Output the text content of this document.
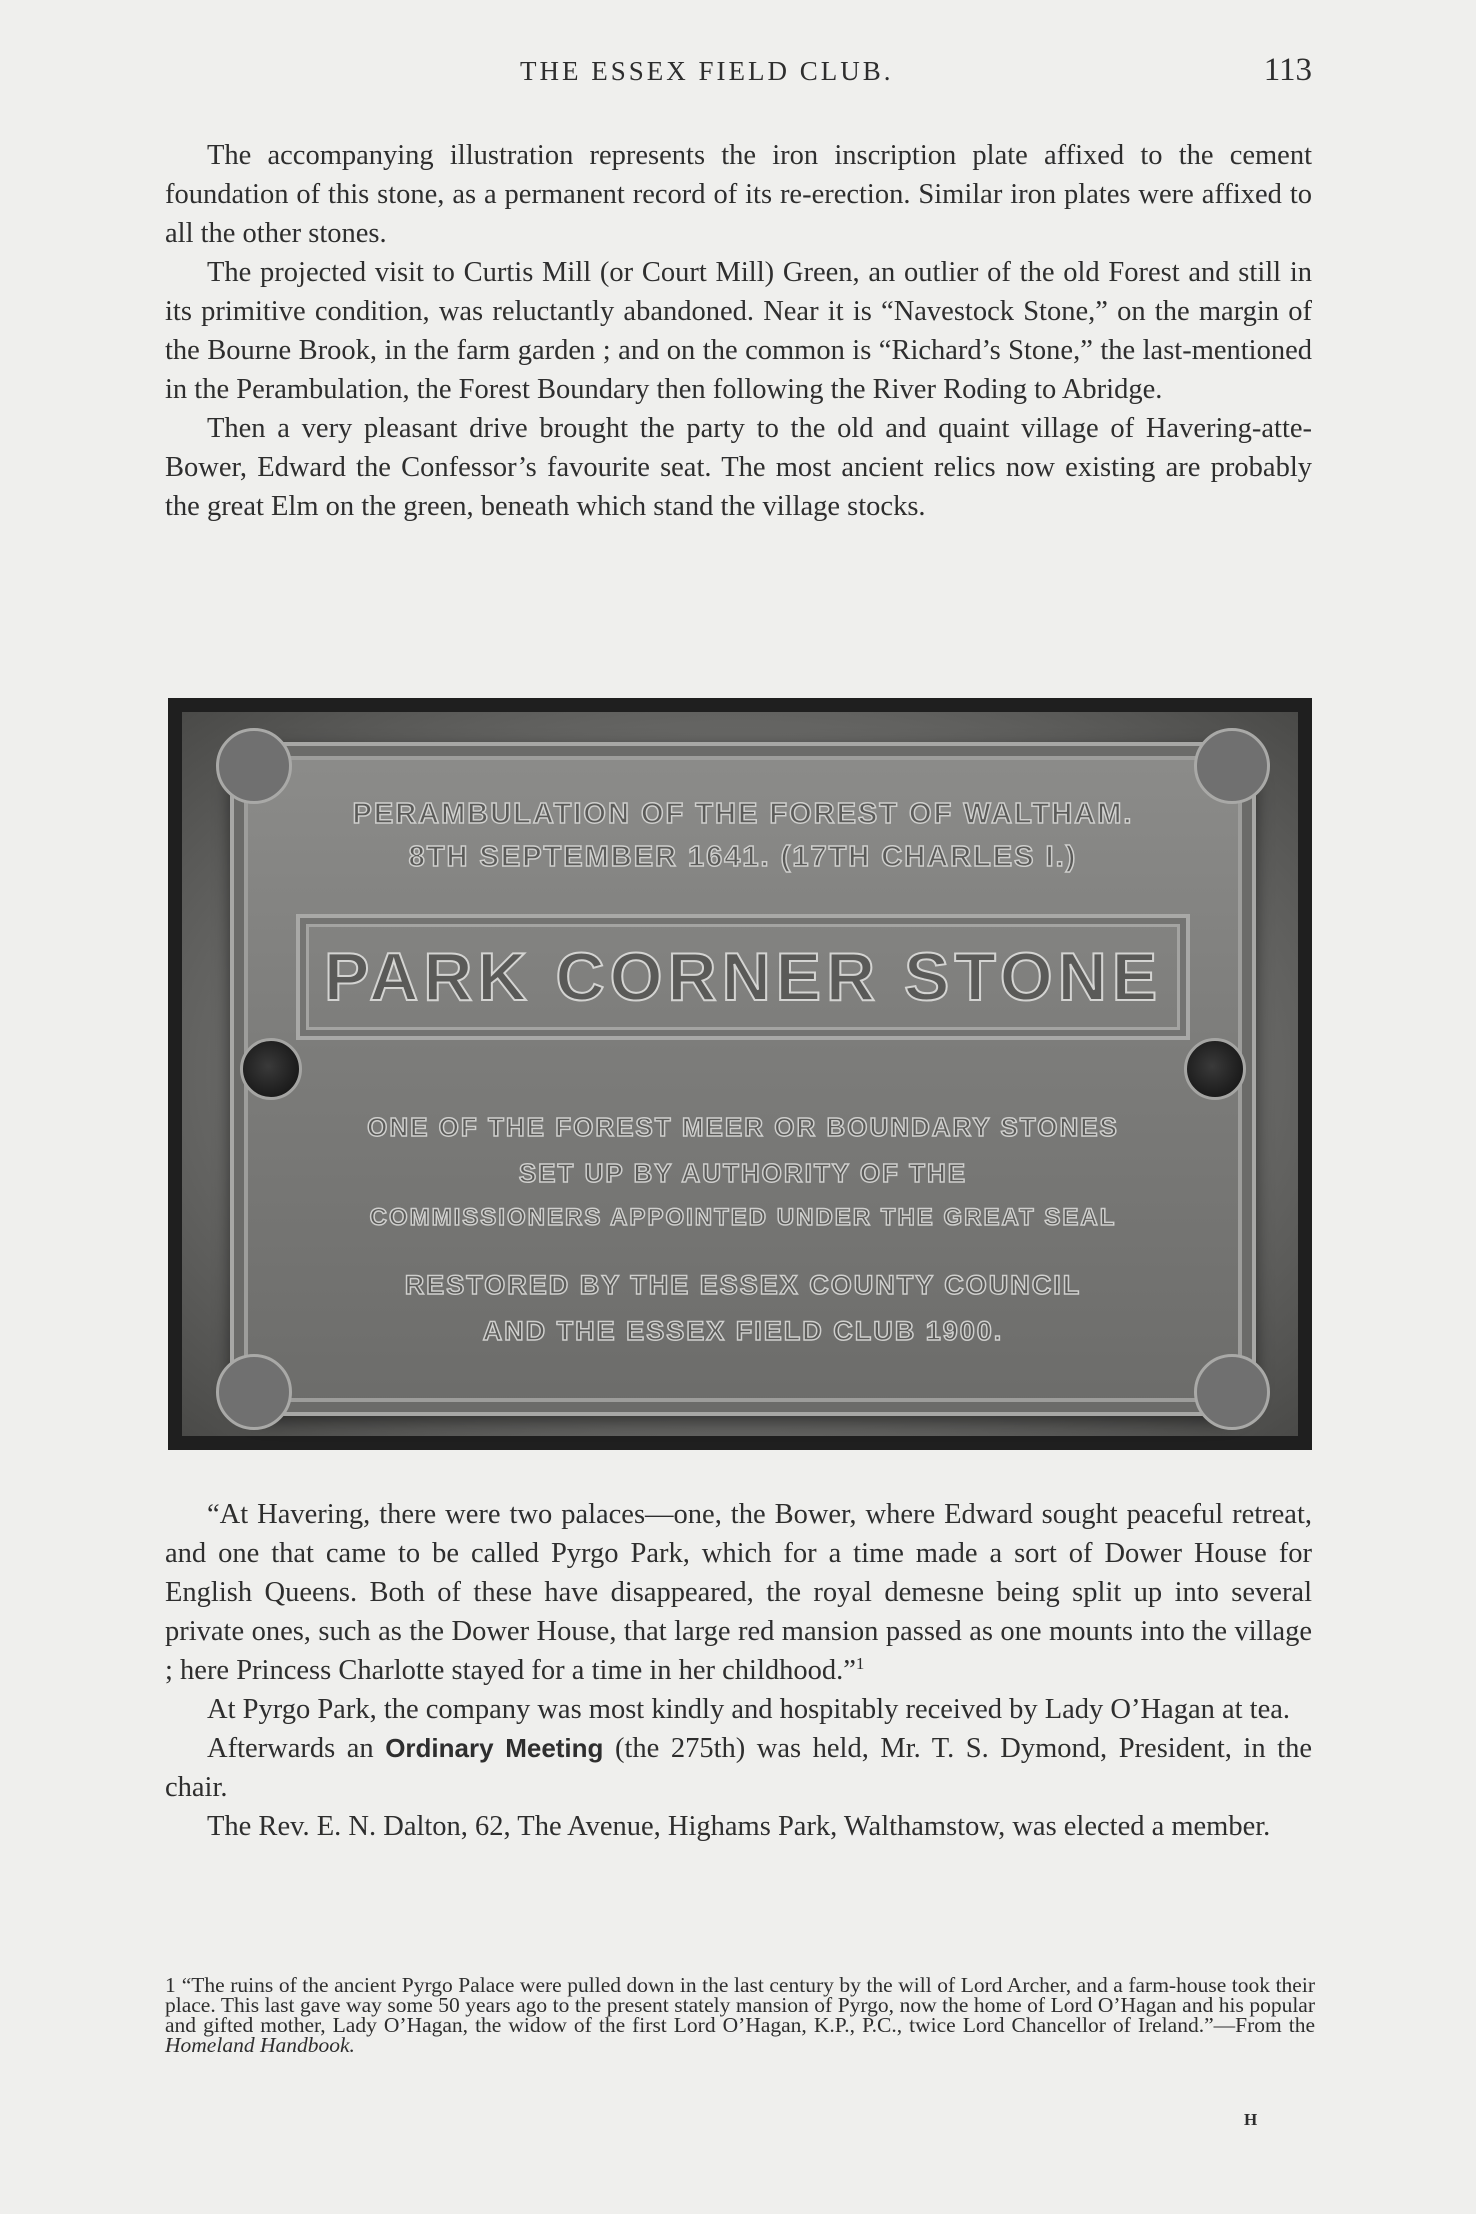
THE ESSEX FIELD CLUB.	113

The accompanying illustration represents the iron inscription plate affixed to the cement foundation of this stone, as a permanent record of its re-erection. Similar iron plates were affixed to all the other stones.

The projected visit to Curtis Mill (or Court Mill) Green, an outlier of the old Forest and still in its primitive condition, was reluctantly abandoned. Near it is “Navestock Stone,” on the margin of the Bourne Brook, in the farm garden ; and on the common is “Richard’s Stone,” the last-mentioned in the Perambulation, the Forest Boundary then following the River Roding to Abridge.

Then a very pleasant drive brought the party to the old and quaint village of Havering-atte-Bower, Edward the Confessor’s favourite seat. The most ancient relics now existing are probably the great Elm on the green, beneath which stand the village stocks.

PERAMBULATION OF THE FOREST OF WALTHAM.
8TH SEPTEMBER 1641. (17TH CHARLES I.)
PARK CORNER STONE
ONE OF THE FOREST MEER OR BOUNDARY STONES
SET UP BY AUTHORITY OF THE
COMMISSIONERS APPOINTED UNDER THE GREAT SEAL
RESTORED BY THE ESSEX COUNTY COUNCIL
AND THE ESSEX FIELD CLUB 1900.

“At Havering, there were two palaces—one, the Bower, where Edward sought peaceful retreat, and one that came to be called Pyrgo Park, which for a time made a sort of Dower House for English Queens. Both of these have disappeared, the royal demesne being split up into several private ones, such as the Dower House, that large red mansion passed as one mounts into the village ; here Princess Charlotte stayed for a time in her childhood.”$^1$

At Pyrgo Park, the company was most kindly and hospitably received by Lady O’Hagan at tea.

Afterwards an Ordinary Meeting (the 275th) was held, Mr. T. S. Dymond, President, in the chair.

The Rev. E. N. Dalton, 62, The Avenue, Highams Park, Walthamstow, was elected a member.

1 “The ruins of the ancient Pyrgo Palace were pulled down in the last century by the will of Lord Archer, and a farm-house took their place. This last gave way some 50 years ago to the present stately mansion of Pyrgo, now the home of Lord O’Hagan and his popular and gifted mother, Lady O’Hagan, the widow of the first Lord O’Hagan, K.P., P.C., twice Lord Chancellor of Ireland.”—From the Homeland Handbook.
H
